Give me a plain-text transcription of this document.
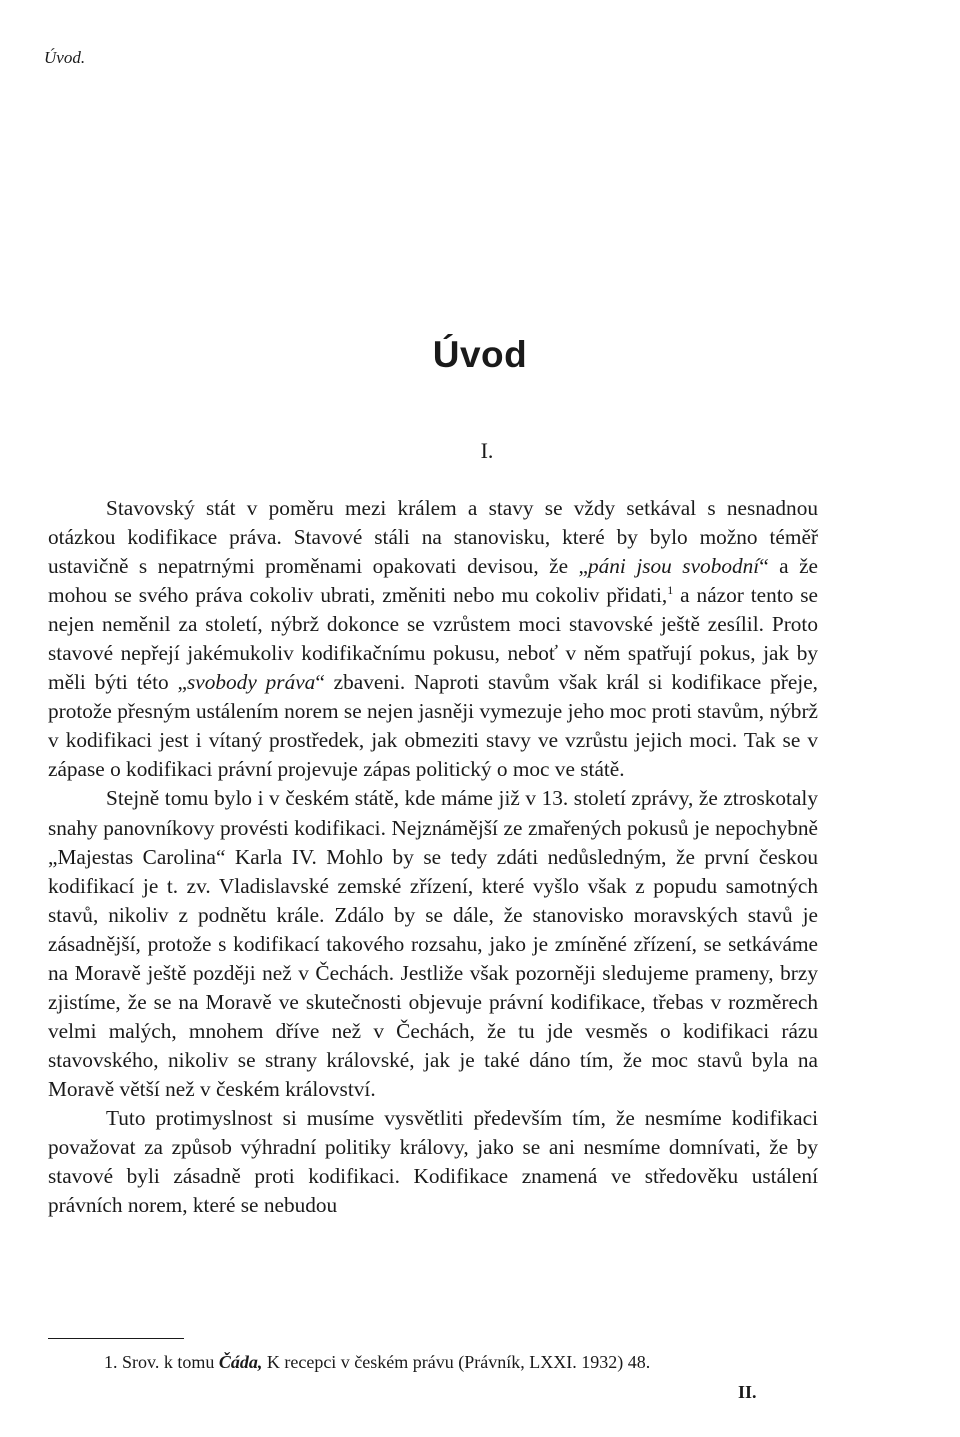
Úvod.
Úvod
I.

Stavovský stát v poměru mezi králem a stavy se vždy setkával s nesnadnou otázkou kodifikace práva. Stavové stáli na stanovisku, které by bylo možno téměř ustavičně s nepatrnými proměnami opakovati devisou, že „páni jsou svobodní“ a že mohou se svého práva cokoliv ubrati, změniti nebo mu cokoliv přidati,$^1$ a názor tento se nejen neměnil za století, nýbrž dokonce se vzrůstem moci stavovské ještě zesílil. Proto stavové nepřejí jakémukoliv kodifikačnímu pokusu, neboť v něm spatřují pokus, jak by měli býti této „svobody práva“ zbaveni. Naproti stavům však král si kodifikace přeje, protože přesným ustálením norem se nejen jasněji vymezuje jeho moc proti stavům, nýbrž v kodifikaci jest i vítaný prostředek, jak obmeziti stavy ve vzrůstu jejich moci. Tak se v zápase o kodifikaci právní projevuje zápas politický o moc ve státě.

Stejně tomu bylo i v českém státě, kde máme již v 13. století zprávy, že ztroskotaly snahy panovníkovy provésti kodifikaci. Nejznámější ze zmařených pokusů je nepochybně „Majestas Carolina“ Karla IV. Mohlo by se tedy zdáti nedůsledným, že první českou kodifikací je t. zv. Vladislavské zemské zřízení, které vyšlo však z popudu samotných stavů, nikoliv z podnětu krále. Zdálo by se dále, že stanovisko moravských stavů je zásadnější, protože s kodifikací takového rozsahu, jako je zmíněné zřízení, se setkáváme na Moravě ještě později než v Čechách. Jestliže však pozorněji sledujeme prameny, brzy zjistíme, že se na Moravě ve skutečnosti objevuje právní kodifikace, třebas v rozměrech velmi malých, mnohem dříve než v Čechách, že tu jde vesměs o kodifikaci rázu stavovského, nikoliv se strany královské, jak je také dáno tím, že moc stavů byla na Moravě větší než v českém království.

Tuto protimyslnost si musíme vysvětliti především tím, že nesmíme kodifikaci považovat za způsob výhradní politiky královy, jako se ani nesmíme domnívati, že by stavové byli zásadně proti kodifikaci. Kodifikace znamená ve středověku ustálení právních norem, které se nebudou

1. Srov. k tomu Čáda, K recepci v českém právu (Právník, LXXI. 1932) 48.
II.
